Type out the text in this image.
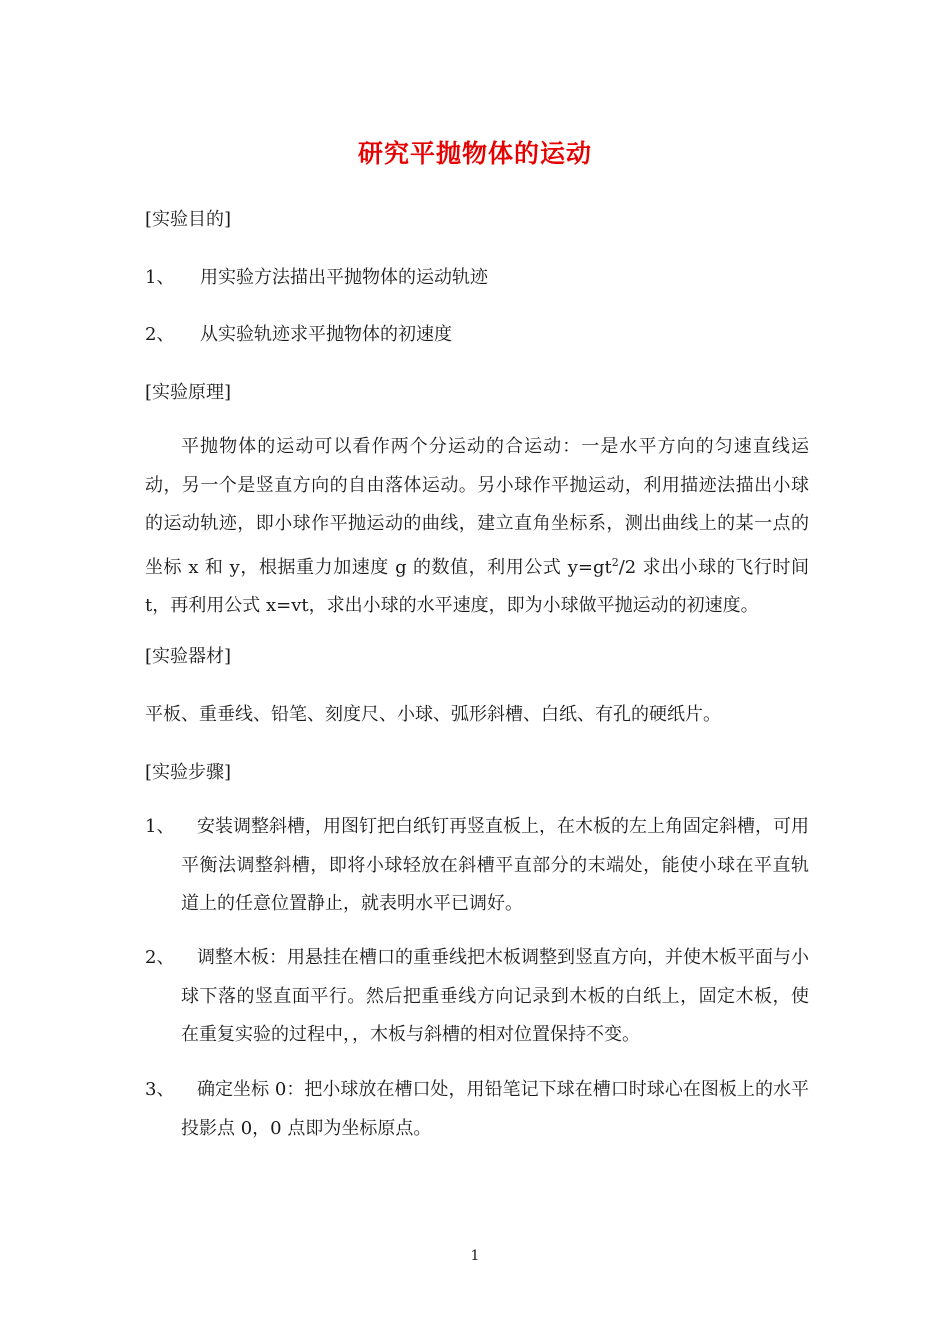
研究平抛物体的运动
[实验目的]
1、 用实验方法描出平抛物体的运动轨迹
2、 从实验轨迹求平抛物体的初速度
[实验原理]
平抛物体的运动可以看作两个分运动的合运动：一是水平方向的匀速直线运动，另一个是竖直方向的自由落体运动。另小球作平抛运动，利用描迹法描出小球的运动轨迹，即小球作平抛运动的曲线，建立直角坐标系，测出曲线上的某一点的坐标 x 和 y，根据重力加速度 g 的数值，利用公式 $y=gt^2/2$ 求出小球的飞行时间 t，再利用公式 x=vt，求出小球的水平速度，即为小球做平抛运动的初速度。
[实验器材]
平板、重垂线、铅笔、刻度尺、小球、弧形斜槽、白纸、有孔的硬纸片。
[实验步骤]
1、	安装调整斜槽，用图钉把白纸钉再竖直板上，在木板的左上角固定斜槽，可用平衡法调整斜槽，即将小球轻放在斜槽平直部分的末端处，能使小球在平直轨道上的任意位置静止，就表明水平已调好。
2、	调整木板：用悬挂在槽口的重垂线把木板调整到竖直方向，并使木板平面与小球下落的竖直面平行。然后把重垂线方向记录到木板的白纸上，固定木板，使在重复实验的过程中，，木板与斜槽的相对位置保持不变。
3、	确定坐标 0：把小球放在槽口处，用铅笔记下球在槽口时球心在图板上的水平投影点 0，0 点即为坐标原点。
1
